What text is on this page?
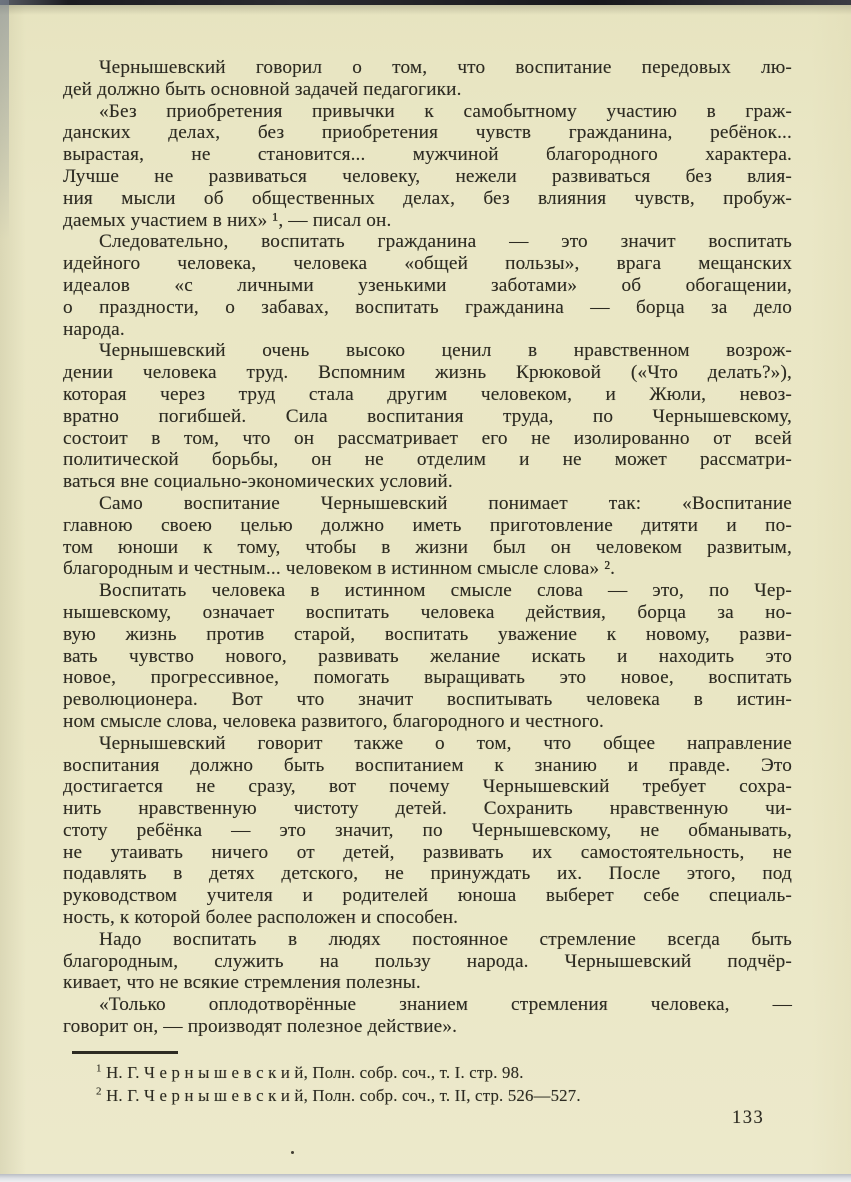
Чернышевский говорил о том, что воспитание передовых лю-
дей должно быть основной задачей педагогики.
«Без приобретения привычки к самобытному участию в граж-
данских делах, без приобретения чувств гражданина, ребёнок...
вырастая, не становится... мужчиной благородного характера.
Лучше не развиваться человеку, нежели развиваться без влия-
ния мысли об общественных делах, без влияния чувств, пробуж-
даемых участием в них» ¹, — писал он.
Следовательно, воспитать гражданина — это значит воспитать
идейного человека, человека «общей пользы», врага мещанских
идеалов «с личными узенькими заботами» об обогащении,
о праздности, о забавах, воспитать гражданина — борца за дело
народа.
Чернышевский очень высоко ценил в нравственном возрож-
дении человека труд. Вспомним жизнь Крюковой («Что делать?»),
которая через труд стала другим человеком, и Жюли, невоз-
вратно погибшей. Сила воспитания труда, по Чернышевскому,
состоит в том, что он рассматривает его не изолированно от всей
политической борьбы, он не отделим и не может рассматри-
ваться вне социально-экономических условий.
Само воспитание Чернышевский понимает так: «Воспитание
главною своею целью должно иметь приготовление дитяти и по-
том юноши к тому, чтобы в жизни был он человеком развитым,
благородным и честным... человеком в истинном смысле слова» ².
Воспитать человека в истинном смысле слова — это, по Чер-
нышевскому, означает воспитать человека действия, борца за но-
вую жизнь против старой, воспитать уважение к новому, разви-
вать чувство нового, развивать желание искать и находить это
новое, прогрессивное, помогать выращивать это новое, воспитать
революционера. Вот что значит воспитывать человека в истин-
ном смысле слова, человека развитого, благородного и честного.
Чернышевский говорит также о том, что общее направление
воспитания должно быть воспитанием к знанию и правде. Это
достигается не сразу, вот почему Чернышевский требует сохра-
нить нравственную чистоту детей. Сохранить нравственную чи-
стоту ребёнка — это значит, по Чернышевскому, не обманывать,
не утаивать ничего от детей, развивать их самостоятельность, не
подавлять в детях детского, не принуждать их. После этого, под
руководством учителя и родителей юноша выберет себе специаль-
ность, к которой более расположен и способен.
Надо воспитать в людях постоянное стремление всегда быть
благородным, служить на пользу народа. Чернышевский подчёр-
кивает, что не всякие стремления полезны.
«Только оплодотворённые знанием стремления человека, —
говорит он, — производят полезное действие».
$^1$ Н. Г. Ч е р н ы ш е в с к и й, Полн. собр. соч., т. I. стр. 98.
$^2$ Н. Г. Ч е р н ы ш е в с к и й, Полн. собр. соч., т. II, стр. 526—527.
133
